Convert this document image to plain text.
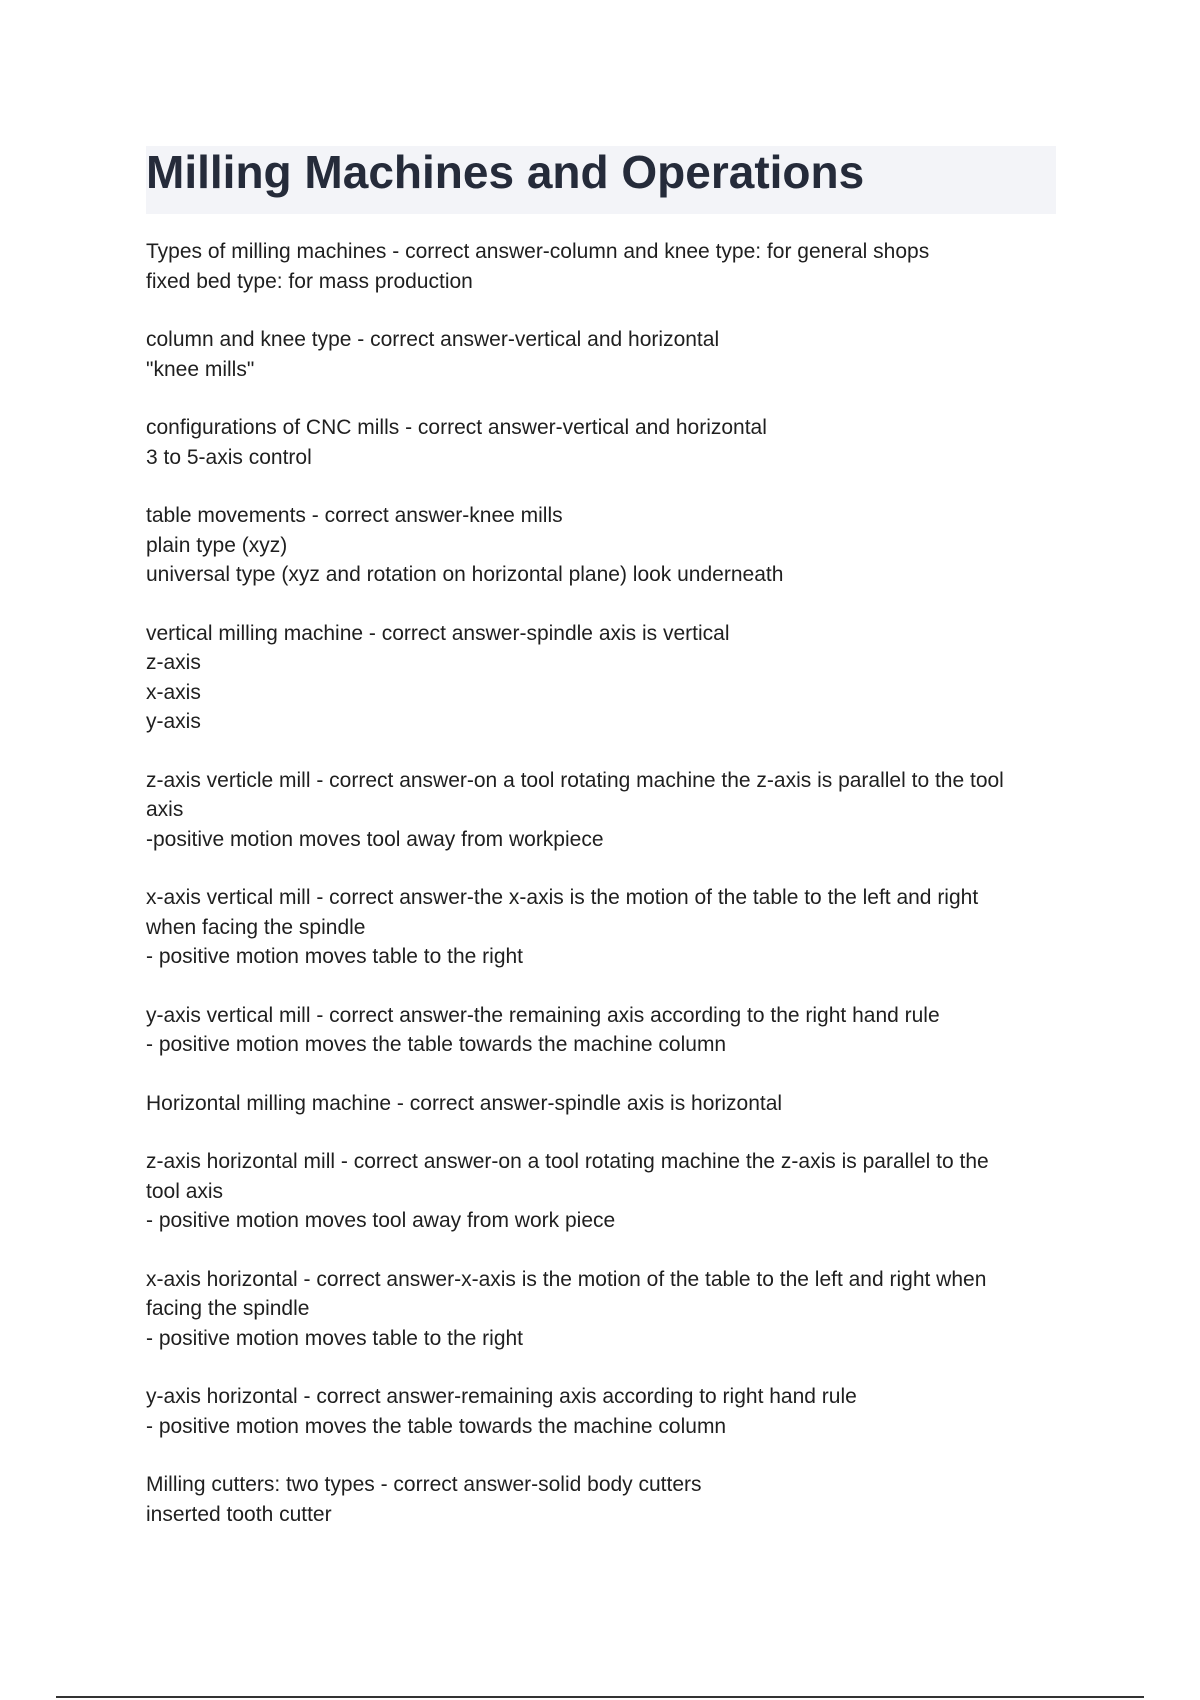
Milling Machines and Operations
Types of milling machines - correct answer-column and knee type: for general shops
fixed bed type: for mass production
column and knee type - correct answer-vertical and horizontal
"knee mills"
configurations of CNC mills - correct answer-vertical and horizontal
3 to 5-axis control
table movements - correct answer-knee mills
plain type (xyz)
universal type (xyz and rotation on horizontal plane) look underneath
vertical milling machine - correct answer-spindle axis is vertical
z-axis
x-axis
y-axis
z-axis verticle mill - correct answer-on a tool rotating machine the z-axis is parallel to the tool
axis
-positive motion moves tool away from workpiece
x-axis vertical mill - correct answer-the x-axis is the motion of the table to the left and right
when facing the spindle
- positive motion moves table to the right
y-axis vertical mill - correct answer-the remaining axis according to the right hand rule
- positive motion moves the table towards the machine column
Horizontal milling machine - correct answer-spindle axis is horizontal
z-axis horizontal mill - correct answer-on a tool rotating machine the z-axis is parallel to the
tool axis
- positive motion moves tool away from work piece
x-axis horizontal - correct answer-x-axis is the motion of the table to the left and right when
facing the spindle
- positive motion moves table to the right
y-axis horizontal - correct answer-remaining axis according to right hand rule
- positive motion moves the table towards the machine column
Milling cutters: two types - correct answer-solid body cutters
inserted tooth cutter
